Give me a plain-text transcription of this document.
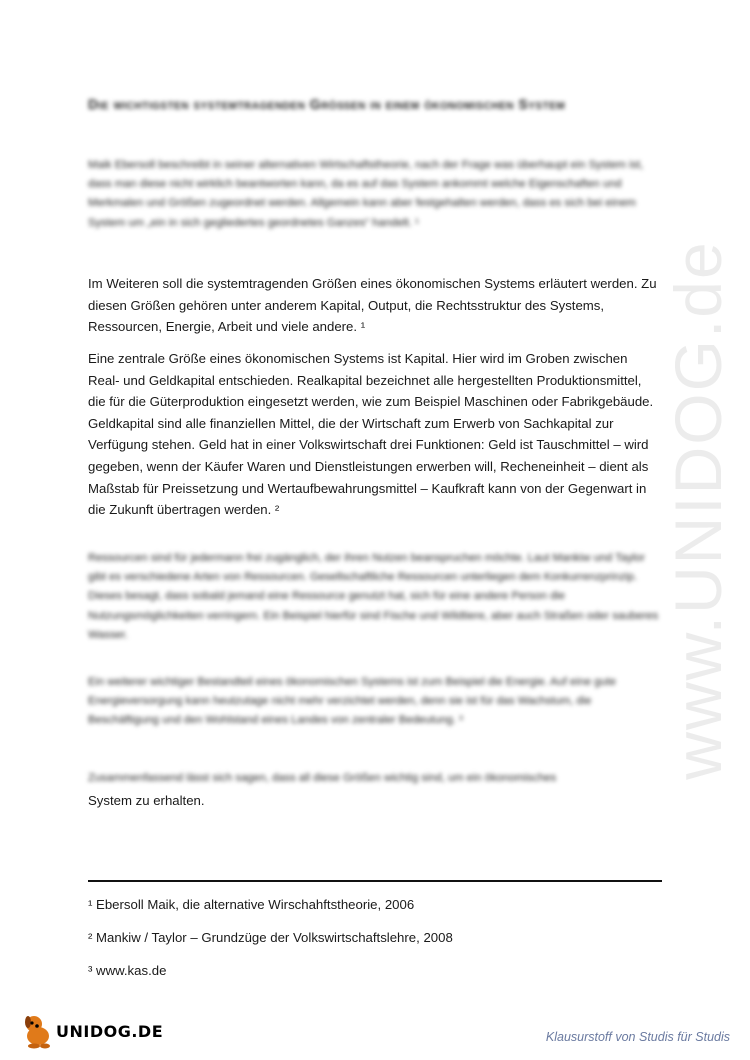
www.UNIDOG.de
Die wichtigsten systemtragenden Größen in einem ökonomischen System
Maik Ebersoll beschreibt in seiner alternativen Wirtschaftstheorie, nach der Frage was überhaupt ein System ist, dass man diese nicht wirklich beantworten kann, da es auf das System ankommt welche Eigenschaften und Merkmalen und Größen zugeordnet werden. Allgemein kann aber festgehalten werden, dass es sich bei einem System um „ein in sich gegliedertes geordnetes Ganzes“ handelt. ¹
Im Weiteren soll die systemtragenden Größen eines ökonomischen Systems erläutert werden. Zu diesen Größen gehören unter anderem Kapital, Output, die Rechtsstruktur des Systems, Ressourcen, Energie, Arbeit und viele andere. ¹
Eine zentrale Größe eines ökonomischen Systems ist Kapital. Hier wird im Groben zwischen Real- und Geldkapital entschieden. Realkapital bezeichnet alle hergestellten Produktionsmittel, die für die Güterproduktion eingesetzt werden, wie zum Beispiel Maschinen oder Fabrikgebäude. Geldkapital sind alle finanziellen Mittel, die der Wirtschaft zum Erwerb von Sachkapital zur Verfügung stehen. Geld hat in einer Volkswirtschaft drei Funktionen: Geld ist Tauschmittel – wird gegeben, wenn der Käufer Waren und Dienstleistungen erwerben will, Recheneinheit – dient als Maßstab für Preissetzung und Wertaufbewahrungsmittel – Kaufkraft kann von der Gegenwart in die Zukunft übertragen werden. ²
Ressourcen sind für jedermann frei zugänglich, der ihren Nutzen beanspruchen möchte. Laut Mankiw und Taylor gibt es verschiedene Arten von Ressourcen. Gesellschaftliche Ressourcen unterliegen dem Konkurrenzprinzip. Dieses besagt, dass sobald jemand eine Ressource genutzt hat, sich für eine andere Person die Nutzungsmöglichkeiten verringern. Ein Beispiel hierfür sind Fische und Wildtiere, aber auch Straßen oder sauberes Wasser.
Ein weiterer wichtiger Bestandteil eines ökonomischen Systems ist zum Beispiel die Energie. Auf eine gute Energieversorgung kann heutzutage nicht mehr verzichtet werden, denn sie ist für das Wachstum, die Beschäftigung und den Wohlstand eines Landes von zentraler Bedeutung. ³
Zusammenfassend lässt sich sagen, dass all diese Größen wichtig sind, um ein ökonomisches
System zu erhalten.
¹ Ebersoll Maik, die alternative Wirschahftstheorie, 2006
² Mankiw / Taylor – Grundzüge der Volkswirtschaftslehre, 2008
³ www.kas.de
UNIDOG.DE	Klausurstoff von Studis für Studis
